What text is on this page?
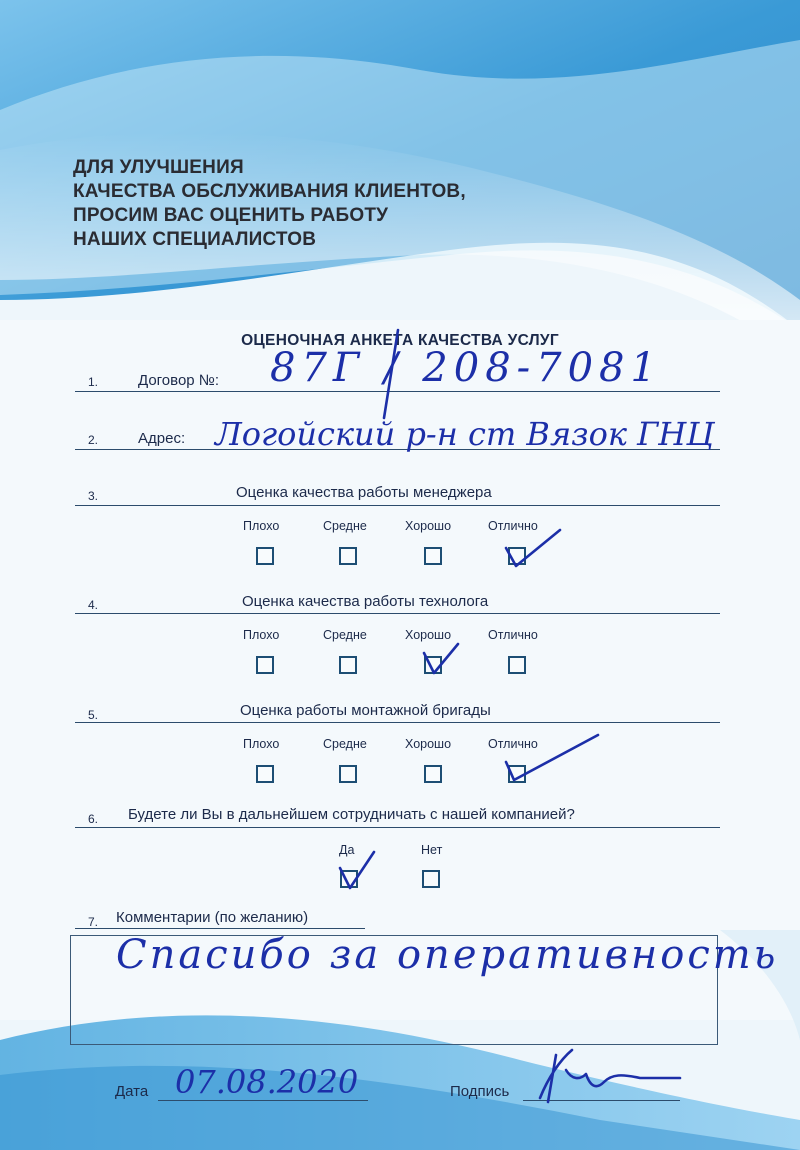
ДЛЯ УЛУЧШЕНИЯ
КАЧЕСТВА ОБСЛУЖИВАНИЯ КЛИЕНТОВ,
ПРОСИМ ВАС ОЦЕНИТЬ РАБОТУ
НАШИХ СПЕЦИАЛИСТОВ
ОЦЕНОЧНАЯ АНКЕТА КАЧЕСТВА УСЛУГ
1.	Договор №: 87Г / 208-7081
2.	Адрес: Логойский р-н ст Вязок ГНЦ
3.	Оценка качества работы менеджера
Плохо	Средне	Хорошо	Отлично
4.	Оценка качества работы технолога
Плохо	Средне	Хорошо	Отлично
5.	Оценка работы монтажной бригады
Плохо	Средне	Хорошо	Отлично
6. Будете ли Вы в дальнейшем сотрудничать с нашей компанией?
Да	Нет
7. Комментарии (по желанию)
Спасибо за оперативность
Дата 07.08.2020	Подпись
